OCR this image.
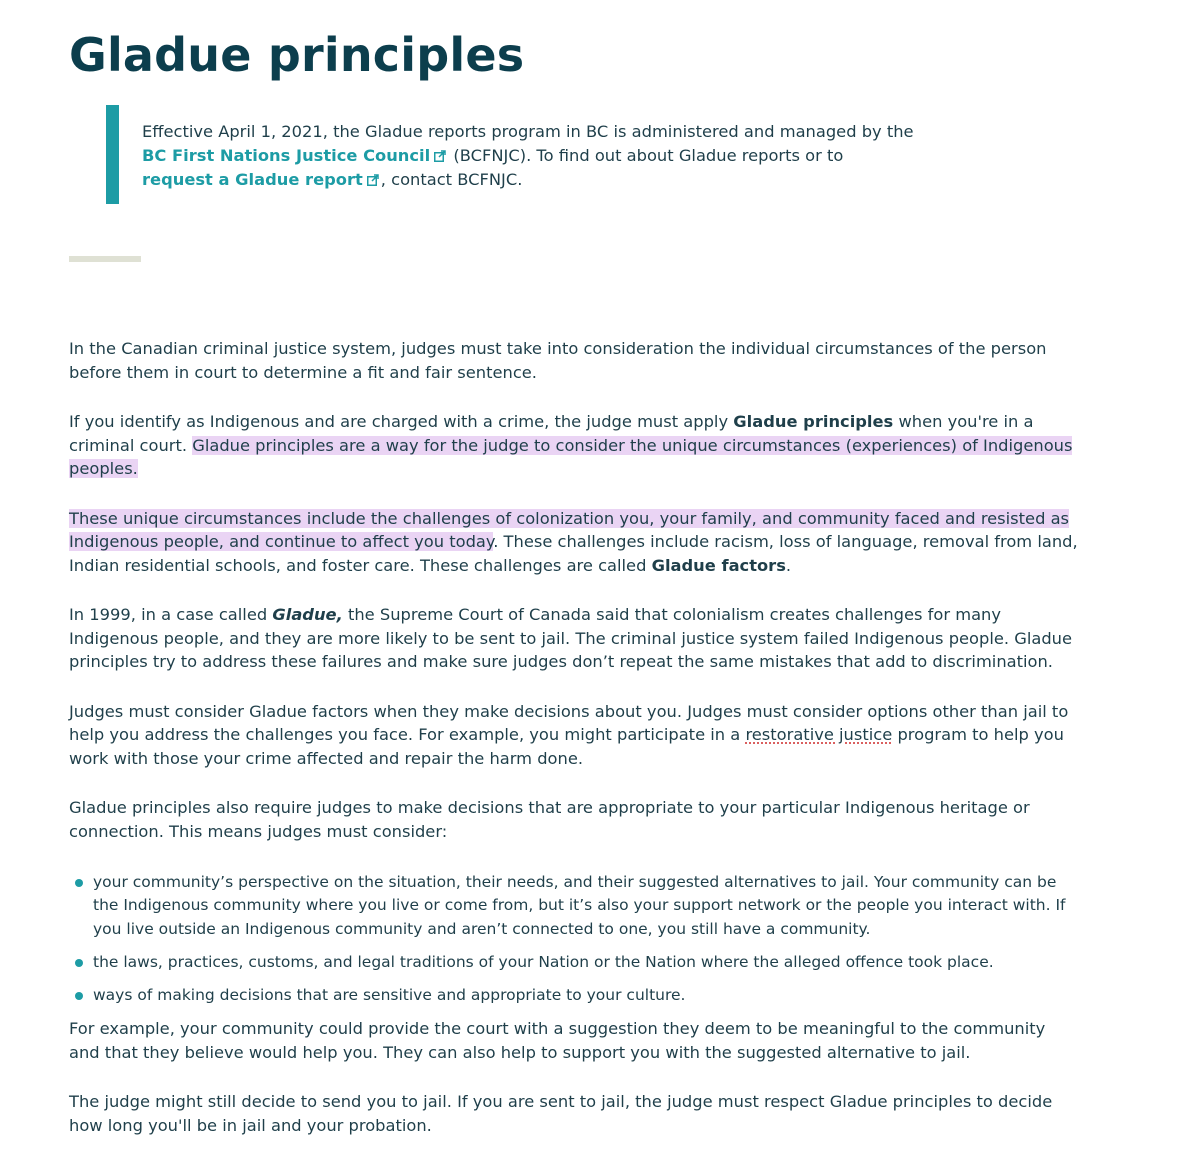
Gladue principles
Effective April 1, 2021, the Gladue reports program in BC is administered and managed by the
BC First Nations Justice Council (BCFNJC). To find out about Gladue reports or to
request a Gladue report , contact BCFNJC.

In the Canadian criminal justice system, judges must take into consideration the individual circumstances of the person before them in court to determine a fit and fair sentence.

If you identify as Indigenous and are charged with a crime, the judge must apply Gladue principles when you're in a criminal court. Gladue principles are a way for the judge to consider the unique circumstances (experiences) of Indigenous peoples.

These unique circumstances include the challenges of colonization you, your family, and community faced and resisted as Indigenous people, and continue to affect you today. These challenges include racism, loss of language, removal from land, Indian residential schools, and foster care. These challenges are called Gladue factors.

In 1999, in a case called Gladue, the Supreme Court of Canada said that colonialism creates challenges for many Indigenous people, and they are more likely to be sent to jail. The criminal justice system failed Indigenous people. Gladue principles try to address these failures and make sure judges don’t repeat the same mistakes that add to discrimination.

Judges must consider Gladue factors when they make decisions about you. Judges must consider options other than jail to help you address the challenges you face. For example, you might participate in a restorative justice program to help you work with those your crime affected and repair the harm done.

Gladue principles also require judges to make decisions that are appropriate to your particular Indigenous heritage or connection. This means judges must consider:

your community’s perspective on the situation, their needs, and their suggested alternatives to jail. Your community can be the Indigenous community where you live or come from, but it’s also your support network or the people you interact with. If you live outside an Indigenous community and aren’t connected to one, you still have a community.
the laws, practices, customs, and legal traditions of your Nation or the Nation where the alleged offence took place.
ways of making decisions that are sensitive and appropriate to your culture.

For example, your community could provide the court with a suggestion they deem to be meaningful to the community and that they believe would help you. They can also help to support you with the suggested alternative to jail.

The judge might still decide to send you to jail. If you are sent to jail, the judge must respect Gladue principles to decide how long you'll be in jail and your probation.
